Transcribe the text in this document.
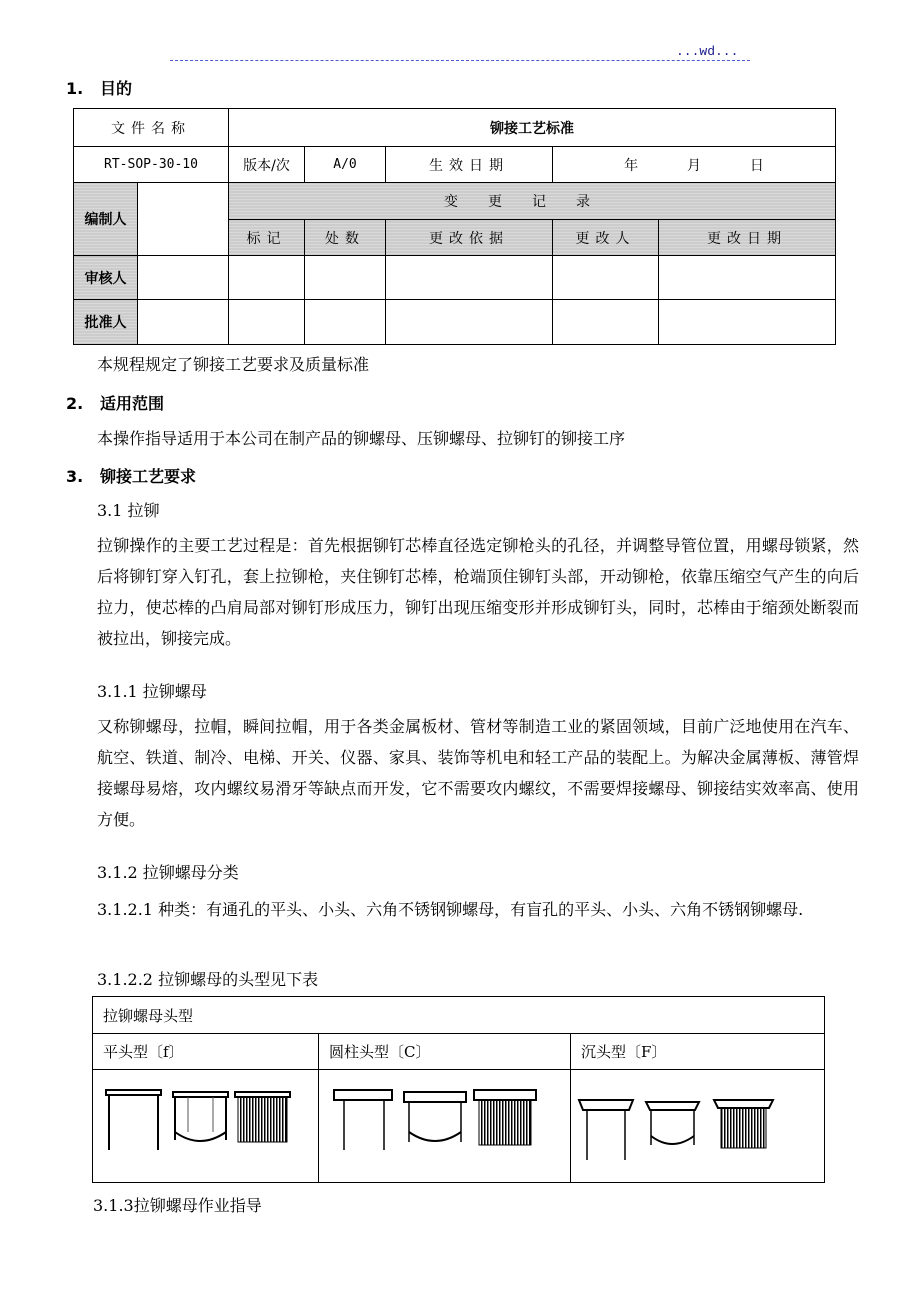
...wd...
1. 目的
文件名称		铆接工艺标准				
RT-SOP-30-10		版本/次	A/0	生效日期	年 月 日	
编制人		变更记录				
		标记	处数	更改依据	更改人	更改日期
审核人						
批准人						
本规程规定了铆接工艺要求及质量标准
2. 适用范围
本操作指导适用于本公司在制产品的铆螺母、压铆螺母、拉铆钉的铆接工序
3. 铆接工艺要求
3.1 拉铆
拉铆操作的主要工艺过程是：首先根据铆钉芯棒直径选定铆枪头的孔径，并调整导管位置，用螺母锁紧，然后将铆钉穿入钉孔，套上拉铆枪，夹住铆钉芯棒，枪端顶住铆钉头部，开动铆枪，依靠压缩空气产生的向后拉力，使芯棒的凸肩局部对铆钉形成压力，铆钉出现压缩变形并形成铆钉头，同时，芯棒由于缩颈处断裂而被拉出，铆接完成。
3.1.1 拉铆螺母
又称铆螺母，拉帽，瞬间拉帽，用于各类金属板材、管材等制造工业的紧固领域，目前广泛地使用在汽车、航空、铁道、制冷、电梯、开关、仪器、家具、装饰等机电和轻工产品的装配上。为解决金属薄板、薄管焊接螺母易熔，攻内螺纹易滑牙等缺点而开发，它不需要攻内螺纹，不需要焊接螺母、铆接结实效率高、使用方便。
3.1.2 拉铆螺母分类
3.1.2.1 种类：有通孔的平头、小头、六角不锈钢铆螺母，有盲孔的平头、小头、六角不锈钢铆螺母.
3.1.2.2 拉铆螺母的头型见下表
拉铆螺母头型		
平头型〔f〕	圆柱头型〔C〕	沉头型〔F〕

3.1.3拉铆螺母作业指导
